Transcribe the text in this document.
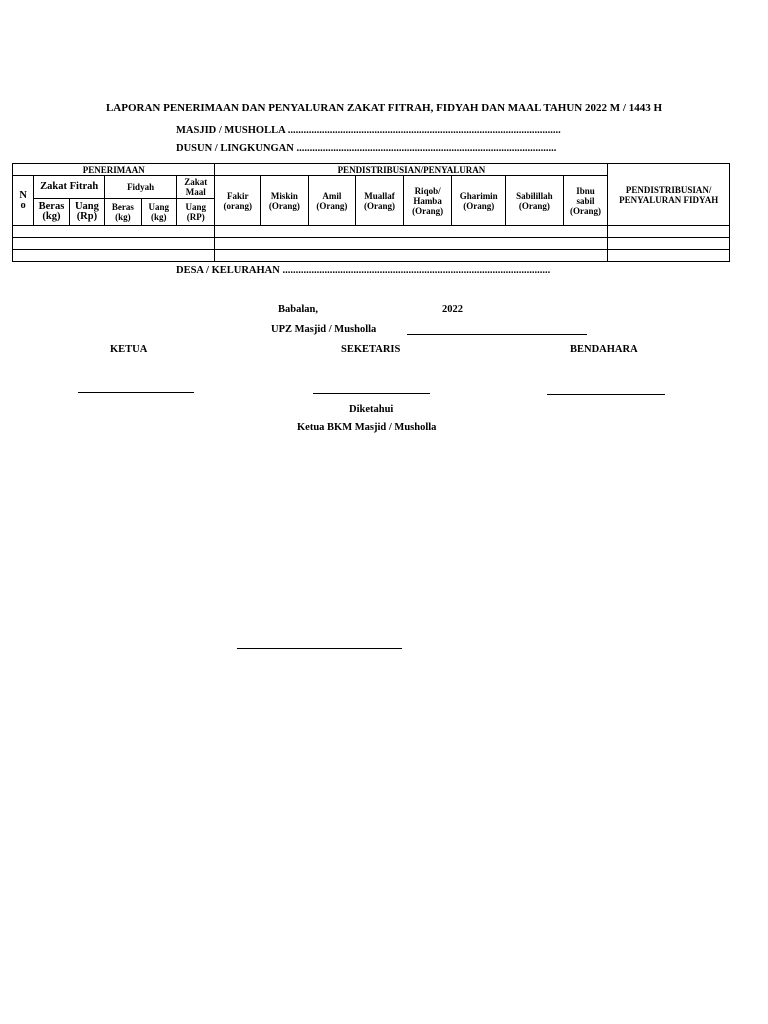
LAPORAN PENERIMAAN DAN PENYALURAN ZAKAT FITRAH, FIDYAH DAN MAAL TAHUN 2022 M / 1443 H
MASJID / MUSHOLLA ........................................................................................................
DUSUN / LINGKUNGAN ...................................................................................................
PENERIMAAN						PENDISTRIBUSIAN/PENYALURAN								PENDISTRIBUSIAN/ PENYALURAN FIDYAH
No	Zakat Fitrah		Fidyah		Zakat Maal	Fakir (orang)	Miskin (Orang)	Amil (Orang)	Muallaf (Orang)	Riqob/ Hamba (Orang)	Gharimin (Orang)	Sabilillah (Orang)	Ibnu sabil (Orang)	
	Beras (kg)	Uang (Rp)	Beras (kg)	Uang (kg)	Uang (RP)									

DESA / KELURAHAN ......................................................................................................
Babalan,	2022
UPZ Masjid / Musholla
KETUA	SEKETARIS	BENDAHARA
Diketahui
Ketua BKM Masjid / Musholla
